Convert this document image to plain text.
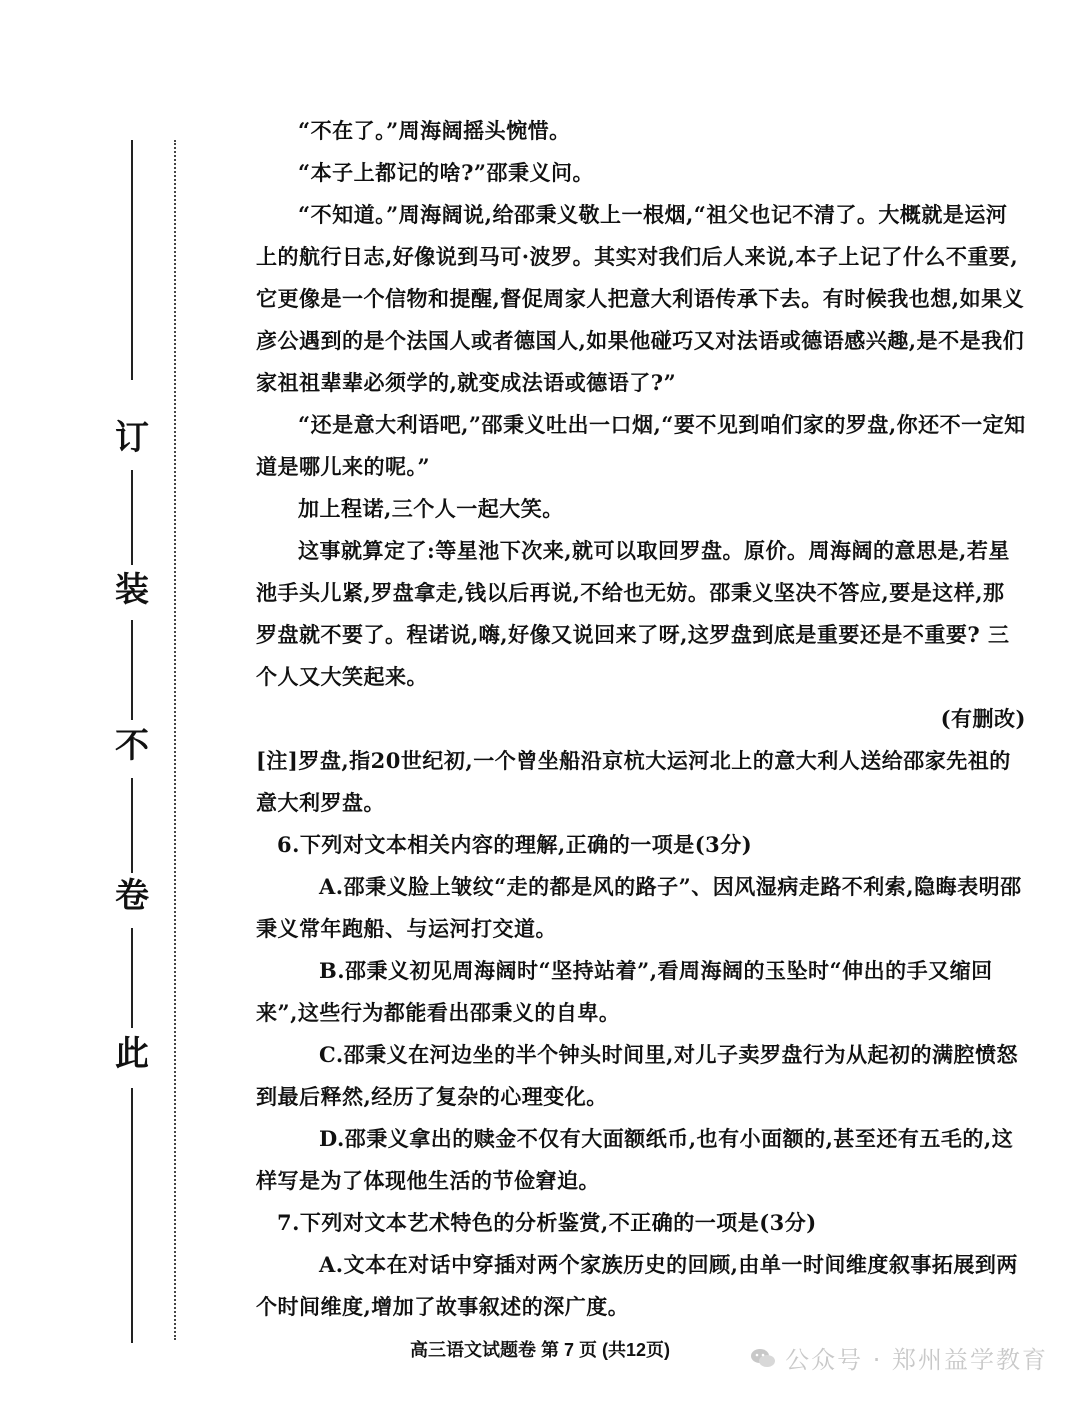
订
装
不
卷
此

“不在了。”周海阔摇头惋惜。

“本子上都记的啥?”邵秉义问。

“不知道。”周海阔说,给邵秉义敬上一根烟,“祖父也记不清了。大概就是运河上的航行日志,好像说到马可·波罗。其实对我们后人来说,本子上记了什么不重要,它更像是一个信物和提醒,督促周家人把意大利语传承下去。有时候我也想,如果义彦公遇到的是个法国人或者德国人,如果他碰巧又对法语或德语感兴趣,是不是我们家祖祖辈辈必须学的,就变成法语或德语了?”

“还是意大利语吧,”邵秉义吐出一口烟,“要不见到咱们家的罗盘,你还不一定知道是哪儿来的呢。”

加上程诺,三个人一起大笑。

这事就算定了:等星池下次来,就可以取回罗盘。原价。周海阔的意思是,若星池手头儿紧,罗盘拿走,钱以后再说,不给也无妨。邵秉义坚决不答应,要是这样,那罗盘就不要了。程诺说,嗨,好像又说回来了呀,这罗盘到底是重要还是不重要? 三个人又大笑起来。

(有删改)

[注]罗盘,指20世纪初,一个曾坐船沿京杭大运河北上的意大利人送给邵家先祖的意大利罗盘。

6.下列对文本相关内容的理解,正确的一项是(3分)

A.邵秉义脸上皱纹“走的都是风的路子”、因风湿病走路不利索,隐晦表明邵秉义常年跑船、与运河打交道。

B.邵秉义初见周海阔时“坚持站着”,看周海阔的玉坠时“伸出的手又缩回来”,这些行为都能看出邵秉义的自卑。

C.邵秉义在河边坐的半个钟头时间里,对儿子卖罗盘行为从起初的满腔愤怒到最后释然,经历了复杂的心理变化。

D.邵秉义拿出的赎金不仅有大面额纸币,也有小面额的,甚至还有五毛的,这样写是为了体现他生活的节俭窘迫。

7.下列对文本艺术特色的分析鉴赏,不正确的一项是(3分)

A.文本在对话中穿插对两个家族历史的回顾,由单一时间维度叙事拓展到两个时间维度,增加了故事叙述的深广度。

高三语文试题卷 第 7 页 (共12页)	公众号 · 郑州益学教育
